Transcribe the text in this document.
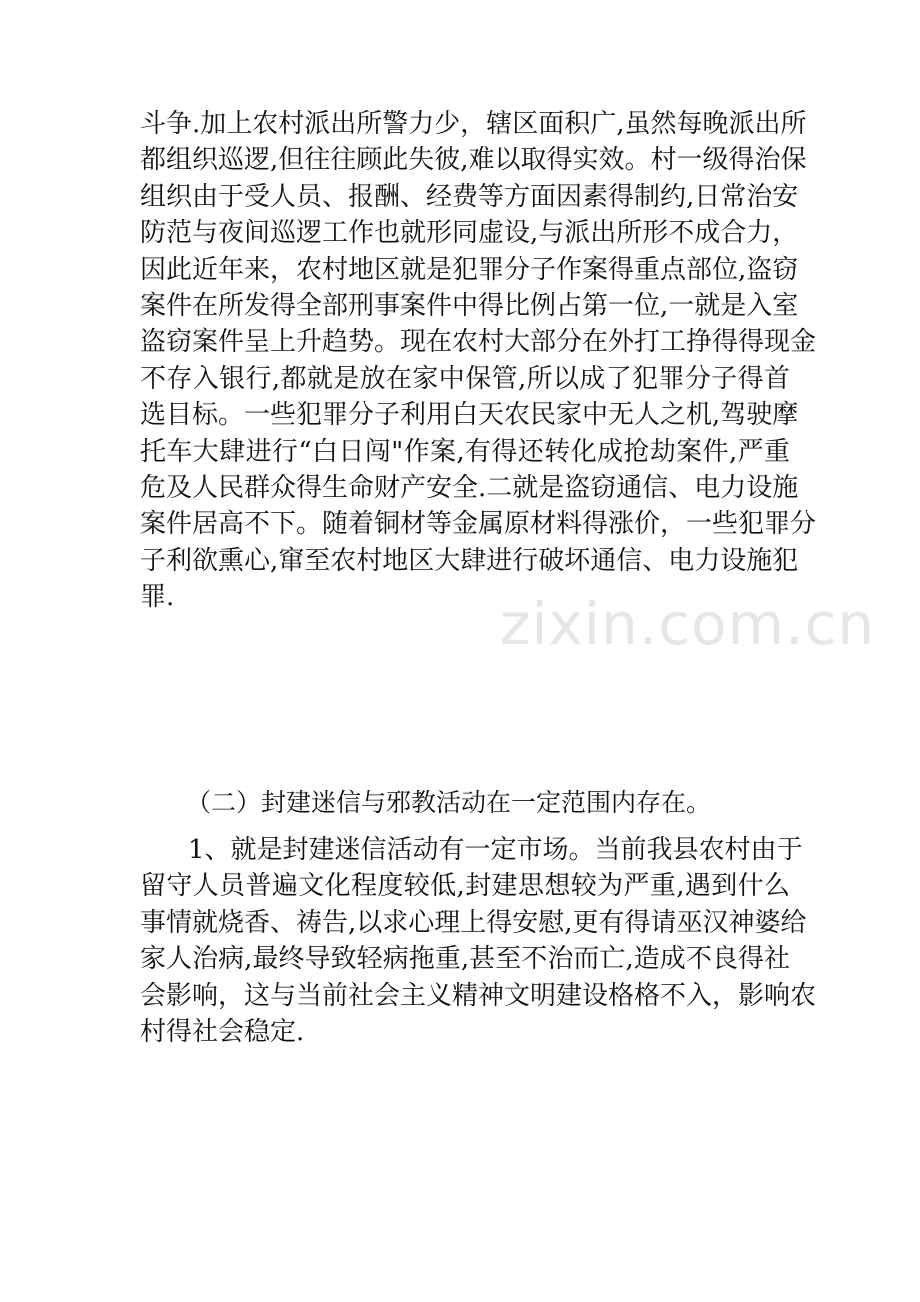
zixin.com.cn
斗争.加上农村派出所警力少，辖区面积广,虽然每晚派出所
都组织巡逻,但往往顾此失彼,难以取得实效。村一级得治保
组织由于受人员、报酬、经费等方面因素得制约,日常治安
防范与夜间巡逻工作也就形同虚设,与派出所形不成合力，
因此近年来，农村地区就是犯罪分子作案得重点部位,盗窃
案件在所发得全部刑事案件中得比例占第一位,一就是入室
盗窃案件呈上升趋势。现在农村大部分在外打工挣得得现金
不存入银行,都就是放在家中保管,所以成了犯罪分子得首
选目标。一些犯罪分子利用白天农民家中无人之机,驾驶摩
托车大肆进行“白日闯"作案,有得还转化成抢劫案件,严重
危及人民群众得生命财产安全.二就是盗窃通信、电力设施
案件居高不下。随着铜材等金属原材料得涨价，一些犯罪分
子利欲熏心,窜至农村地区大肆进行破坏通信、电力设施犯
罪.
（二）封建迷信与邪教活动在一定范围内存在。
1、就是封建迷信活动有一定市场。当前我县农村由于
留守人员普遍文化程度较低,封建思想较为严重,遇到什么
事情就烧香、祷告,以求心理上得安慰,更有得请巫汉神婆给
家人治病,最终导致轻病拖重,甚至不治而亡,造成不良得社
会影响，这与当前社会主义精神文明建设格格不入，影响农
村得社会稳定.
